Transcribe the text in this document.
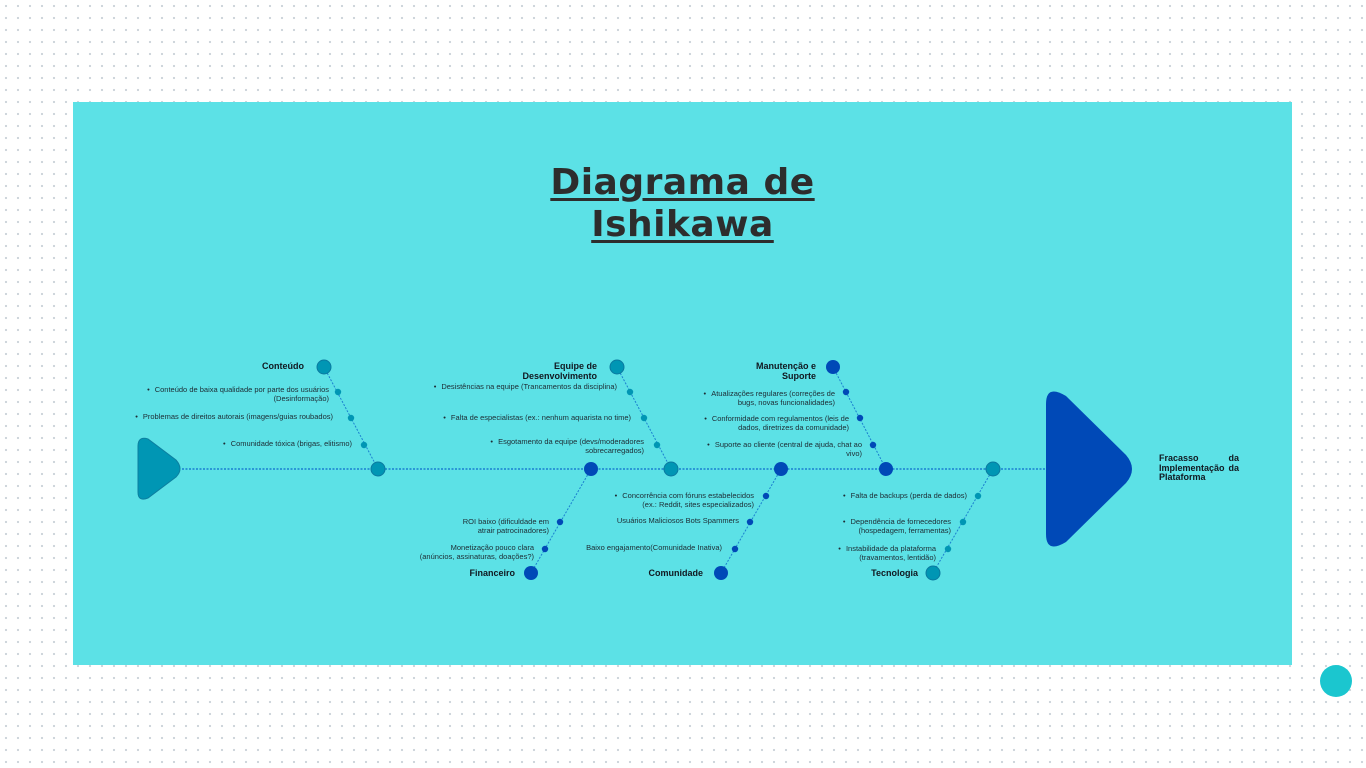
Diagrama de
Ishikawa
Conteúdo	Equipe de
Desenvolvimento
Manutenção e
Suporte
Financeiro	Comunidade	Tecnologia
• Conteúdo de baixa qualidade por parte dos usuários
(Desinformação)
• Problemas de direitos autorais (imagens/guias roubados)
• Comunidade tóxica (brigas, elitismo)
• Desistências na equipe (Trancamentos da disciplina)
• Falta de especialistas (ex.: nenhum aquarista no time)
• Esgotamento da equipe (devs/moderadores
sobrecarregados)
• Atualizações regulares (correções de
bugs, novas funcionalidades)
• Conformidade com regulamentos (leis de
dados, diretrizes da comunidade)
• Suporte ao cliente (central de ajuda, chat ao
vivo)
ROI baixo (dificuldade em
atrair patrocinadores)
Monetização pouco clara
(anúncios, assinaturas, doações?)
• Concorrência com fóruns estabelecidos
(ex.: Reddit, sites especializados)
Usuários Maliciosos Bots Spammers
Baixo engajamento(Comunidade Inativa)
• Falta de backups (perda de dados)
• Dependência de fornecedores
(hospedagem, ferramentas)
• Instabilidade da plataforma
(travamentos, lentidão)
Fracasso da Implementação da Plataforma
